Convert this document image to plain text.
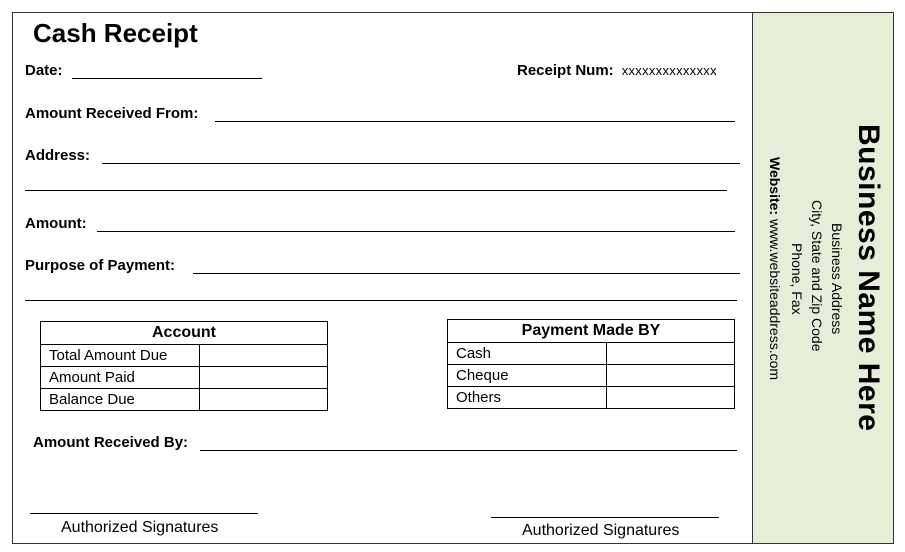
Cash Receipt
Date:	Receipt Num: xxxxxxxxxxxxxx
Amount Received From:
Address:
Amount:
Purpose of Payment:
Account	
Total Amount Due	
Amount Paid	
Balance Due	
Payment Made BY	
Cash	
Cheque	
Others	
Amount Received By:
Authorized Signatures	Authorized Signatures
Business Name Here
Business Address
City, State and Zip Code
Phone, Fax
Website: www.websiteaddress.com
